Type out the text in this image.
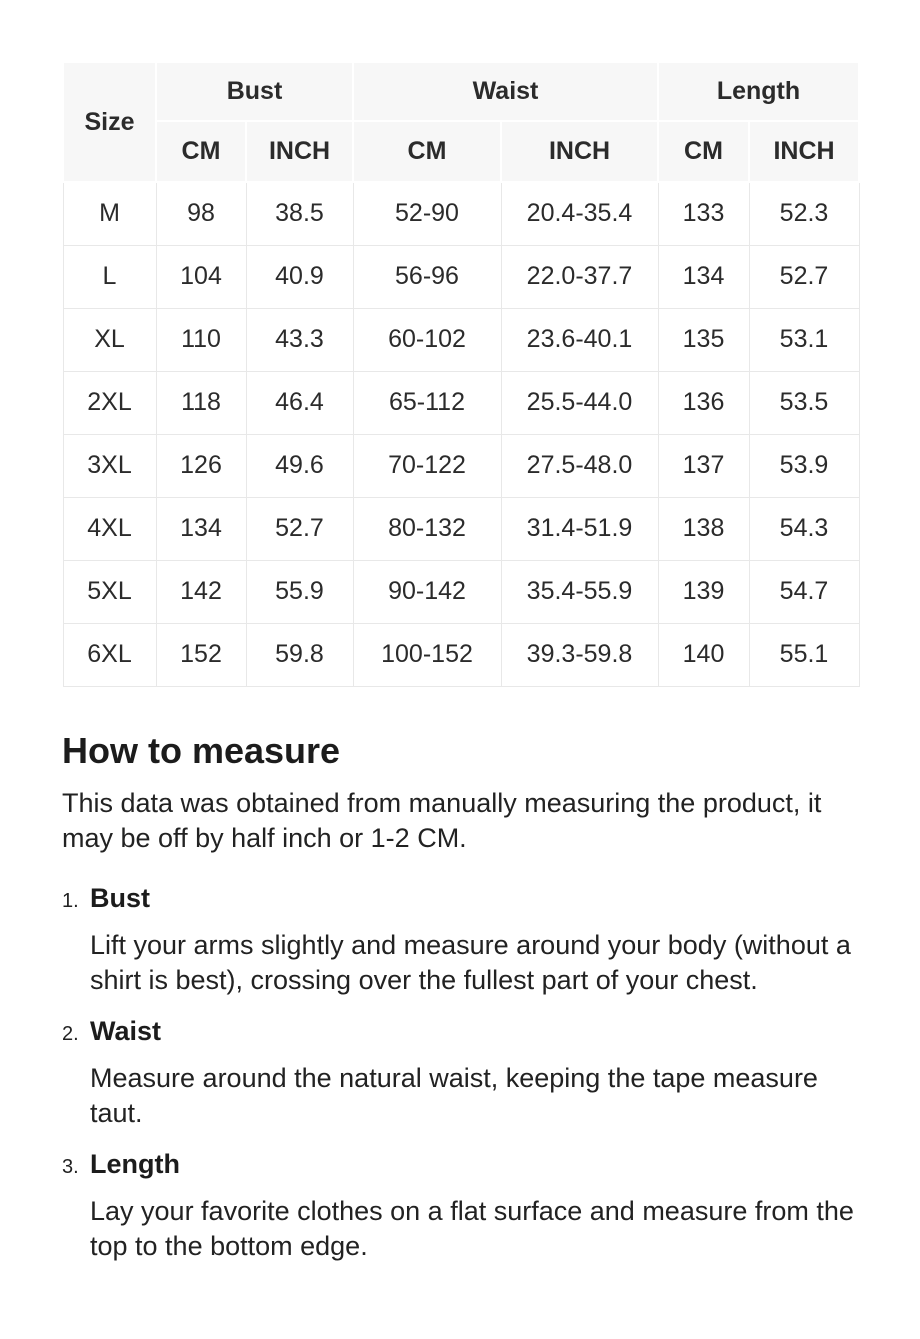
Size	Bust		Waist		Length	
	CM	INCH	CM	INCH	CM	INCH
M	98	38.5	52-90	20.4-35.4	133	52.3
L	104	40.9	56-96	22.0-37.7	134	52.7
XL	110	43.3	60-102	23.6-40.1	135	53.1
2XL	118	46.4	65-112	25.5-44.0	136	53.5
3XL	126	49.6	70-122	27.5-48.0	137	53.9
4XL	134	52.7	80-132	31.4-51.9	138	54.3
5XL	142	55.9	90-142	35.4-55.9	139	54.7
6XL	152	59.8	100-152	39.3-59.8	140	55.1
How to measure

This data was obtained from manually measuring the product, it may be off by half inch or 1-2 CM.

1. Bust

Lift your arms slightly and measure around your body (without a shirt is best), crossing over the fullest part of your chest.

2. Waist

Measure around the natural waist, keeping the tape measure taut.

3. Length

Lay your favorite clothes on a flat surface and measure from the top to the bottom edge.
